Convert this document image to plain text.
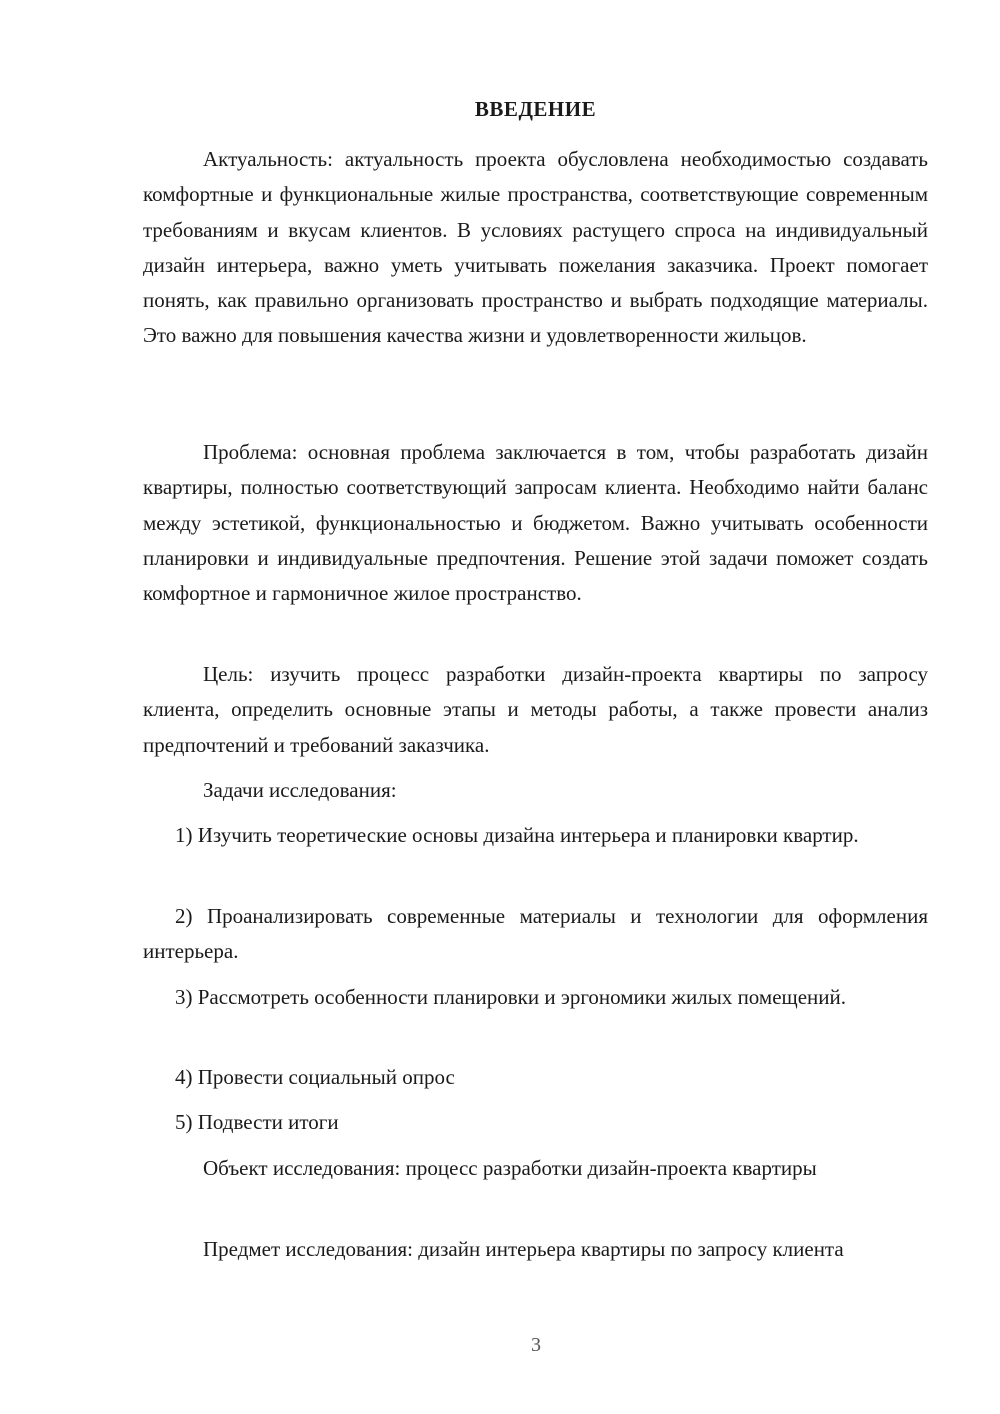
ВВЕДЕНИЕ

Актуальность: актуальность проекта обусловлена необходимостью создавать комфортные и функциональные жилые пространства, соответствующие современным требованиям и вкусам клиентов. В условиях растущего спроса на индивидуальный дизайн интерьера, важно уметь учитывать пожелания заказчика. Проект помогает понять, как правильно организовать пространство и выбрать подходящие материалы. Это важно для повышения качества жизни и удовлетворенности жильцов.

Проблема: основная проблема заключается в том, чтобы разработать дизайн квартиры, полностью соответствующий запросам клиента. Необходимо найти баланс между эстетикой, функциональностью и бюджетом. Важно учитывать особенности планировки и индивидуальные предпочтения. Решение этой задачи поможет создать комфортное и гармоничное жилое пространство.

Цель: изучить процесс разработки дизайн-проекта квартиры по запросу клиента, определить основные этапы и методы работы, а также провести анализ предпочтений и требований заказчика.

Задачи исследования:

1) Изучить теоретические основы дизайна интерьера и планировки квартир.

2) Проанализировать современные материалы и технологии для оформления интерьера.

3) Рассмотреть особенности планировки и эргономики жилых помещений.

4) Провести социальный опрос

5) Подвести итоги

Объект исследования: процесс разработки дизайн-проекта квартиры

Предмет исследования: дизайн интерьера квартиры по запросу клиента

3
